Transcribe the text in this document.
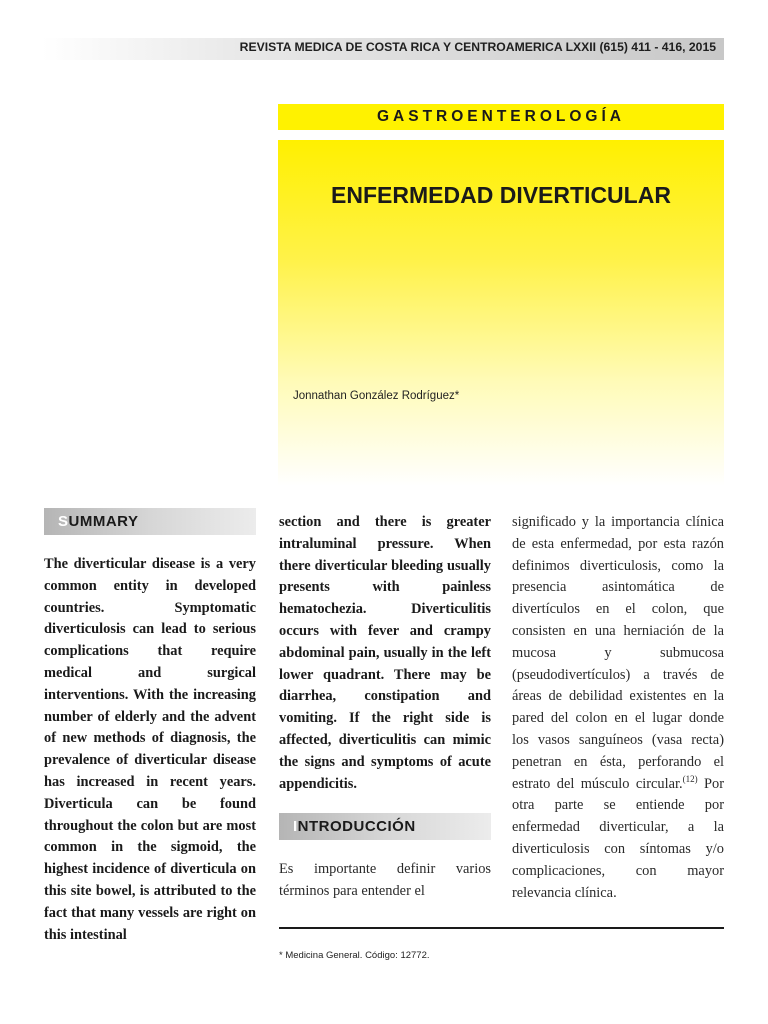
REVISTA MEDICA DE COSTA RICA Y CENTROAMERICA LXXII (615) 411 - 416, 2015
GASTROENTEROLOGÍA
ENFERMEDAD DIVERTICULAR
Jonnathan González Rodríguez*
S UMMARY

The diverticular disease is a very common entity in developed countries. Symptomatic diverticulosis can lead to serious complications that require medical and surgical interventions. With the increasing number of elderly and the advent of new methods of diagnosis, the prevalence of diverticular disease has increased in recent years. Diverticula can be found throughout the colon but are most common in the sigmoid, the highest incidence of diverticula on this site bowel, is attributed to the fact that many vessels are right on this intestinal

section and there is greater intraluminal pressure. When there diverticular bleeding usually presents with painless hematochezia. Diverticulitis occurs with fever and crampy abdominal pain, usually in the left lower quadrant. There may be diarrhea, constipation and vomiting. If the right side is affected, diverticulitis can mimic the signs and symptoms of acute appendicitis.

I NTRODUCCIÓN

Es importante definir varios términos para entender el

significado y la importancia clínica de esta enfermedad, por esta razón definimos diverticulosis, como la presencia asintomática de divertículos en el colon, que consisten en una herniación de la mucosa y submucosa (pseudodivertículos) a través de áreas de debilidad existentes en la pared del colon en el lugar donde los vasos sanguíneos (vasa recta) penetran en ésta, perforando el estrato del músculo circular.$^{(12)}$ Por otra parte se entiende por enfermedad diverticular, a la diverticulosis con síntomas y/o complicaciones, con mayor relevancia clínica.

* Medicina General. Código: 12772.
